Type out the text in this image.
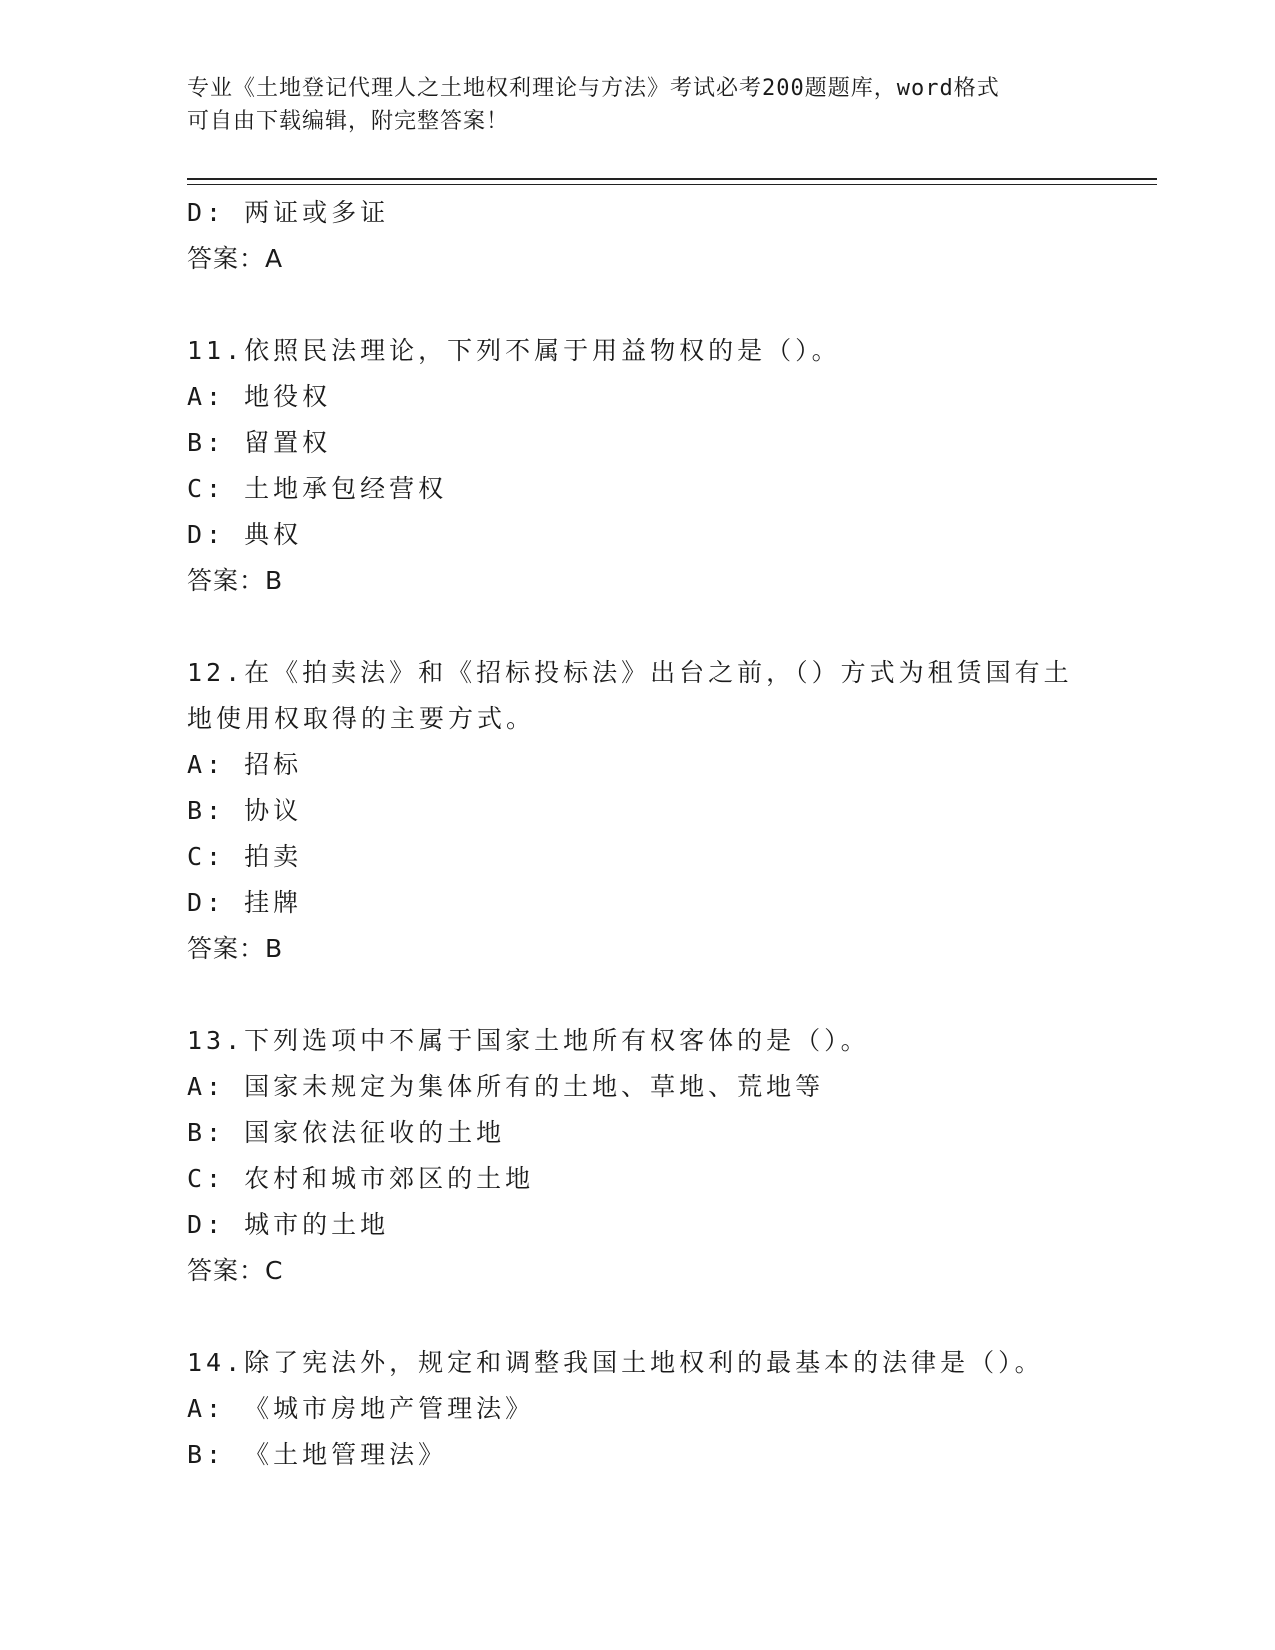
专业《土地登记代理人之土地权利理论与方法》考试必考200题题库，word格式
可自由下载编辑，附完整答案！
D: 两证或多证
答案：A
11.依照民法理论，下列不属于用益物权的是（）。
A: 地役权
B: 留置权
C: 土地承包经营权
D: 典权
答案：B
12.在《拍卖法》和《招标投标法》出台之前，（）方式为租赁国有土
地使用权取得的主要方式。
A: 招标
B: 协议
C: 拍卖
D: 挂牌
答案：B
13.下列选项中不属于国家土地所有权客体的是（）。
A: 国家未规定为集体所有的土地、草地、荒地等
B: 国家依法征收的土地
C: 农村和城市郊区的土地
D: 城市的土地
答案：C
14.除了宪法外，规定和调整我国土地权利的最基本的法律是（）。
A: 《城市房地产管理法》
B: 《土地管理法》
